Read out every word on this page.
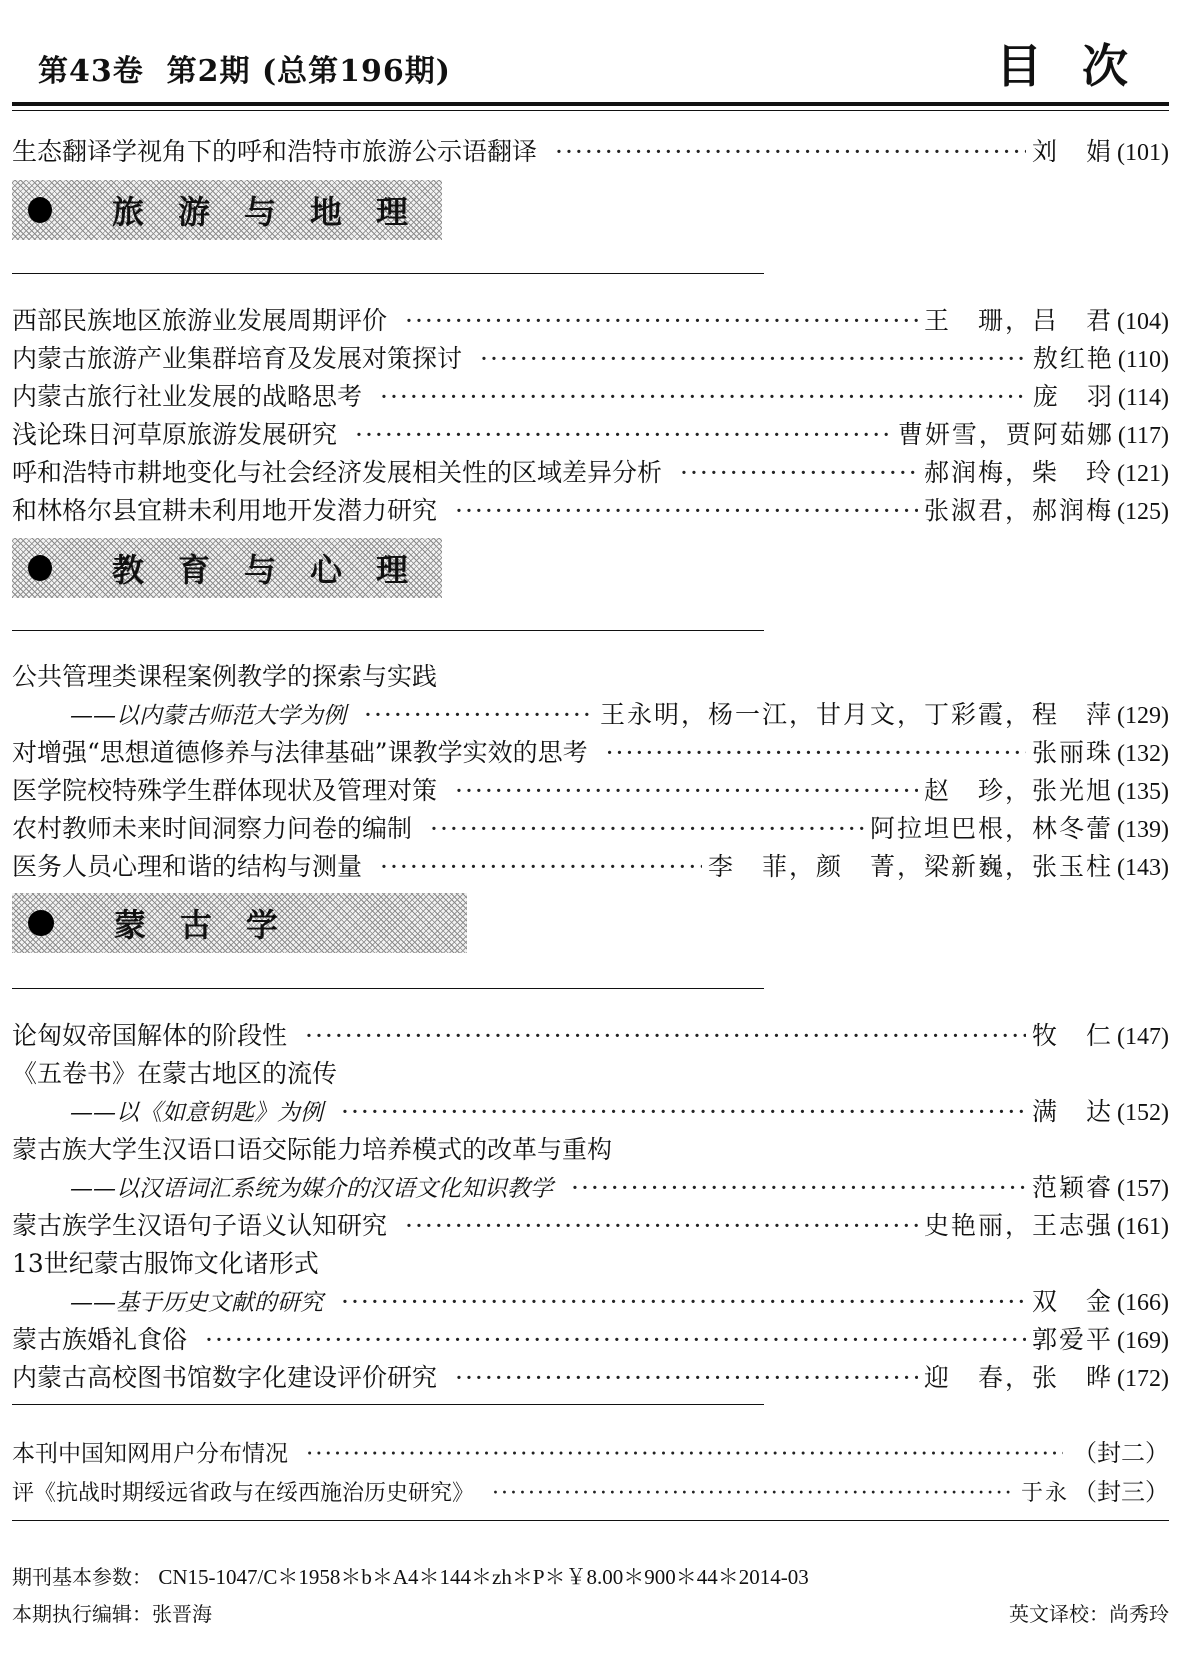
第43卷 第2期 (总第196期)	目次
生态翻译学视角下的呼和浩特市旅游公示语翻译 ·····	刘　娟 (101)
旅游与地理
西部民族地区旅游业发展周期评价 ·····	王　珊，吕　君 (104)
内蒙古旅游产业集群培育及发展对策探讨 ·····	敖红艳 (110)
内蒙古旅行社业发展的战略思考 ·····	庞　羽 (114)
浅论珠日河草原旅游发展研究 ·····	曹妍雪，贾阿茹娜 (117)
呼和浩特市耕地变化与社会经济发展相关性的区域差异分析 ·····	郝润梅，柴　玲 (121)
和林格尔县宜耕未利用地开发潜力研究 ·····	张淑君，郝润梅 (125)
教育与心理
公共管理类课程案例教学的探索与实践
——以内蒙古师范大学为例 ·····	王永明，杨一江，甘月文，丁彩霞，程　萍 (129)
对增强“思想道德修养与法律基础”课教学实效的思考 ·····	张丽珠 (132)
医学院校特殊学生群体现状及管理对策 ·····	赵　珍，张光旭 (135)
农村教师未来时间洞察力问卷的编制 ·····	阿拉坦巴根，林冬蕾 (139)
医务人员心理和谐的结构与测量 ·····	李　菲，颜　菁，梁新巍，张玉柱 (143)
蒙古学
论匈奴帝国解体的阶段性 ·····	牧　仁 (147)
《五卷书》在蒙古地区的流传
——以《如意钥匙》为例 ·····	满　达 (152)
蒙古族大学生汉语口语交际能力培养模式的改革与重构
——以汉语词汇系统为媒介的汉语文化知识教学 ·····	范颖睿 (157)
蒙古族学生汉语句子语义认知研究 ·····	史艳丽，王志强 (161)
13世纪蒙古服饰文化诸形式
——基于历史文献的研究 ·····	双　金 (166)
蒙古族婚礼食俗 ·····	郭爱平 (169)
内蒙古高校图书馆数字化建设评价研究 ·····	迎　春，张　晔 (172)
本刊中国知网用户分布情况 ·····	（封二）
评《抗战时期绥远省政与在绥西施治历史研究》 ·····	于永 （封三）
期刊基本参数： CN15-1047/C＊1958＊b＊A4＊144＊zh＊P＊￥8.00＊900＊44＊2014-03
本期执行编辑：张晋海	英文译校：尚秀玲
